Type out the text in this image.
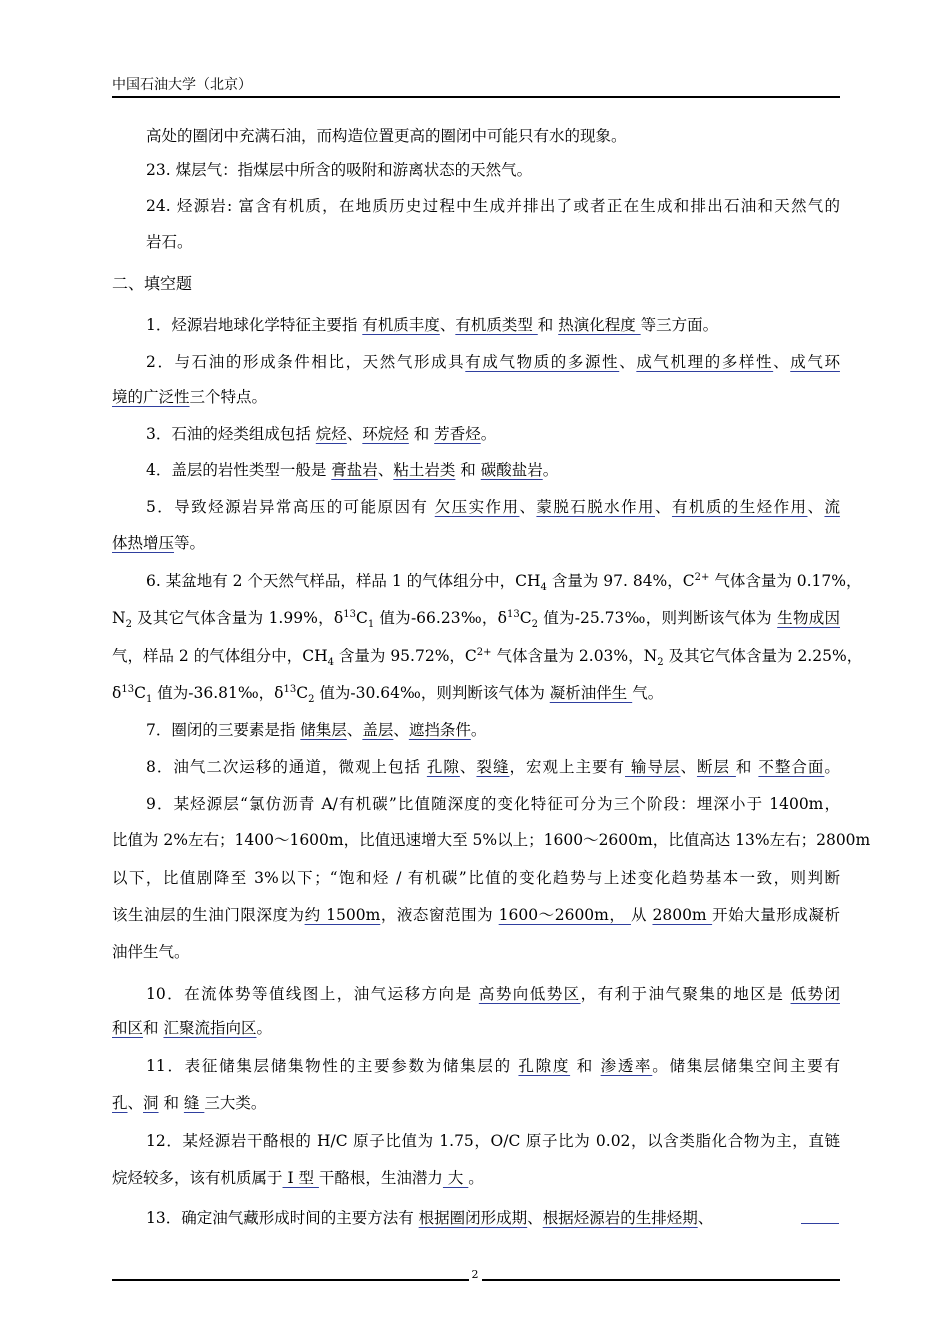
中国石油大学（北京）
高处的圈闭中充满石油，而构造位置更高的圈闭中可能只有水的现象。
23. 煤层气：指煤层中所含的吸附和游离状态的天然气。
24. 烃源岩: 富含有机质，在地质历史过程中生成并排出了或者正在生成和排出石油和天然气的
岩石。
二、填空题
1．烃源岩地球化学特征主要指 有机质丰度、有机质类型 和 热演化程度 等三方面。
2．与石油的形成条件相比，天然气形成具有成气物质的多源性、成气机理的多样性、成气环
境的广泛性三个特点。
3．石油的烃类组成包括 烷烃、环烷烃 和 芳香烃。
4．盖层的岩性类型一般是 膏盐岩、粘土岩类 和 碳酸盐岩。
5．导致烃源岩异常高压的可能原因有 欠压实作用、蒙脱石脱水作用、有机质的生烃作用、流
体热增压等。
6. 某盆地有 2 个天然气样品，样品 1 的气体组分中，$CH_4$ 含量为 97. 84%，$C^{2+}$ 气体含量为 0.17%，
$N_2$ 及其它气体含量为 1.99%，$\delta^{13}C_1$ 值为-66.23‰，$\delta^{13}C_2$ 值为-25.73‰，则判断该气体为 生物成因
气，样品 2 的气体组分中，$CH_4$ 含量为 95.72%，$C^{2+}$ 气体含量为 2.03%，$N_2$ 及其它气体含量为 2.25%，
$\delta^{13}C_1$ 值为-36.81‰，$\delta^{13}C_2$ 值为-30.64‰，则判断该气体为 凝析油伴生 气。
7．圈闭的三要素是指 储集层、盖层、遮挡条件。
8．油气二次运移的通道，微观上包括 孔隙、裂缝，宏观上主要有 输导层、断层 和 不整合面。
9．某烃源层“氯仿沥青 A/有机碳”比值随深度的变化特征可分为三个阶段：埋深小于 1400m，
比值为 2%左右；1400～1600m，比值迅速增大至 5%以上；1600～2600m，比值高达 13%左右；2800m
以下，比值剧降至 3%以下；“饱和烃 / 有机碳”比值的变化趋势与上述变化趋势基本一致，则判断
该生油层的生油门限深度为约 1500m，液态窗范围为 1600～2600m， 从 2800m 开始大量形成凝析
油伴生气。
10．在流体势等值线图上，油气运移方向是 高势向低势区，有利于油气聚集的地区是 低势闭
和区和 汇聚流指向区。
11．表征储集层储集物性的主要参数为储集层的 孔隙度 和 渗透率。储集层储集空间主要有
孔、洞 和 缝 三大类。
12．某烃源岩干酪根的 H/C 原子比值为 1.75，O/C 原子比为 0.02，以含类脂化合物为主，直链
烷烃较多，该有机质属于 I 型 干酪根，生油潜力 大 。
13．确定油气藏形成时间的主要方法有 根据圈闭形成期、根据烃源岩的生排烃期、
2
